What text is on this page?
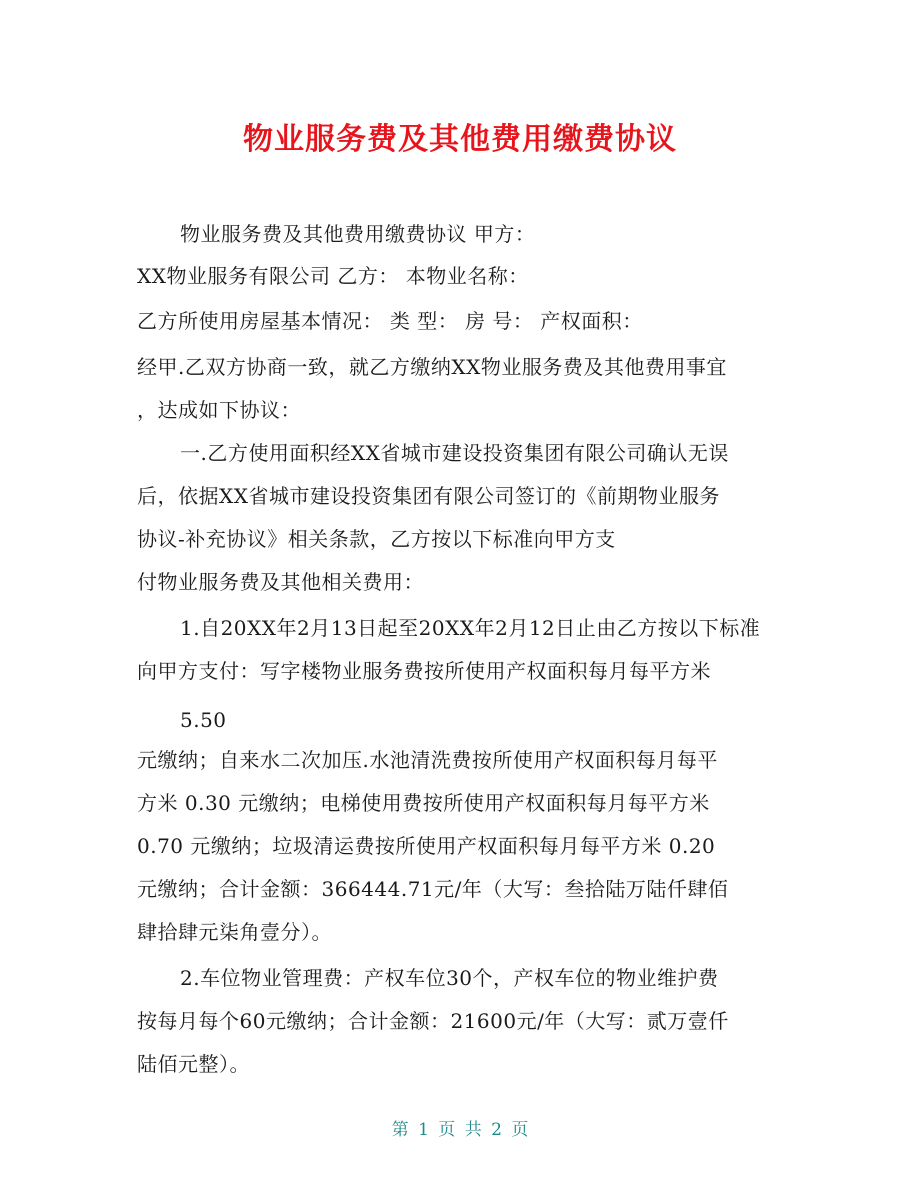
物业服务费及其他费用缴费协议
物业服务费及其他费用缴费协议 甲方：
XX物业服务有限公司 乙方： 本物业名称：
乙方所使用房屋基本情况： 类 型： 房 号： 产权面积：
经甲.乙双方协商一致，就乙方缴纳XX物业服务费及其他费用事宜
，达成如下协议：
一.乙方使用面积经XX省城市建设投资集团有限公司确认无误
后，依据XX省城市建设投资集团有限公司签订的《前期物业服务
协议-补充协议》相关条款，乙方按以下标准向甲方支
付物业服务费及其他相关费用：
1.自20XX年2月13日起至20XX年2月12日止由乙方按以下标准
向甲方支付：写字楼物业服务费按所使用产权面积每月每平方米
5.50
元缴纳；自来水二次加压.水池清洗费按所使用产权面积每月每平
方米 0.30 元缴纳；电梯使用费按所使用产权面积每月每平方米
0.70 元缴纳；垃圾清运费按所使用产权面积每月每平方米 0.20
元缴纳；合计金额：366444.71元/年（大写：叁拾陆万陆仟肆佰
肆拾肆元柒角壹分）。
2.车位物业管理费：产权车位30个，产权车位的物业维护费
按每月每个60元缴纳；合计金额：21600元/年（大写：贰万壹仟
陆佰元整）。
第 1 页 共 2 页
